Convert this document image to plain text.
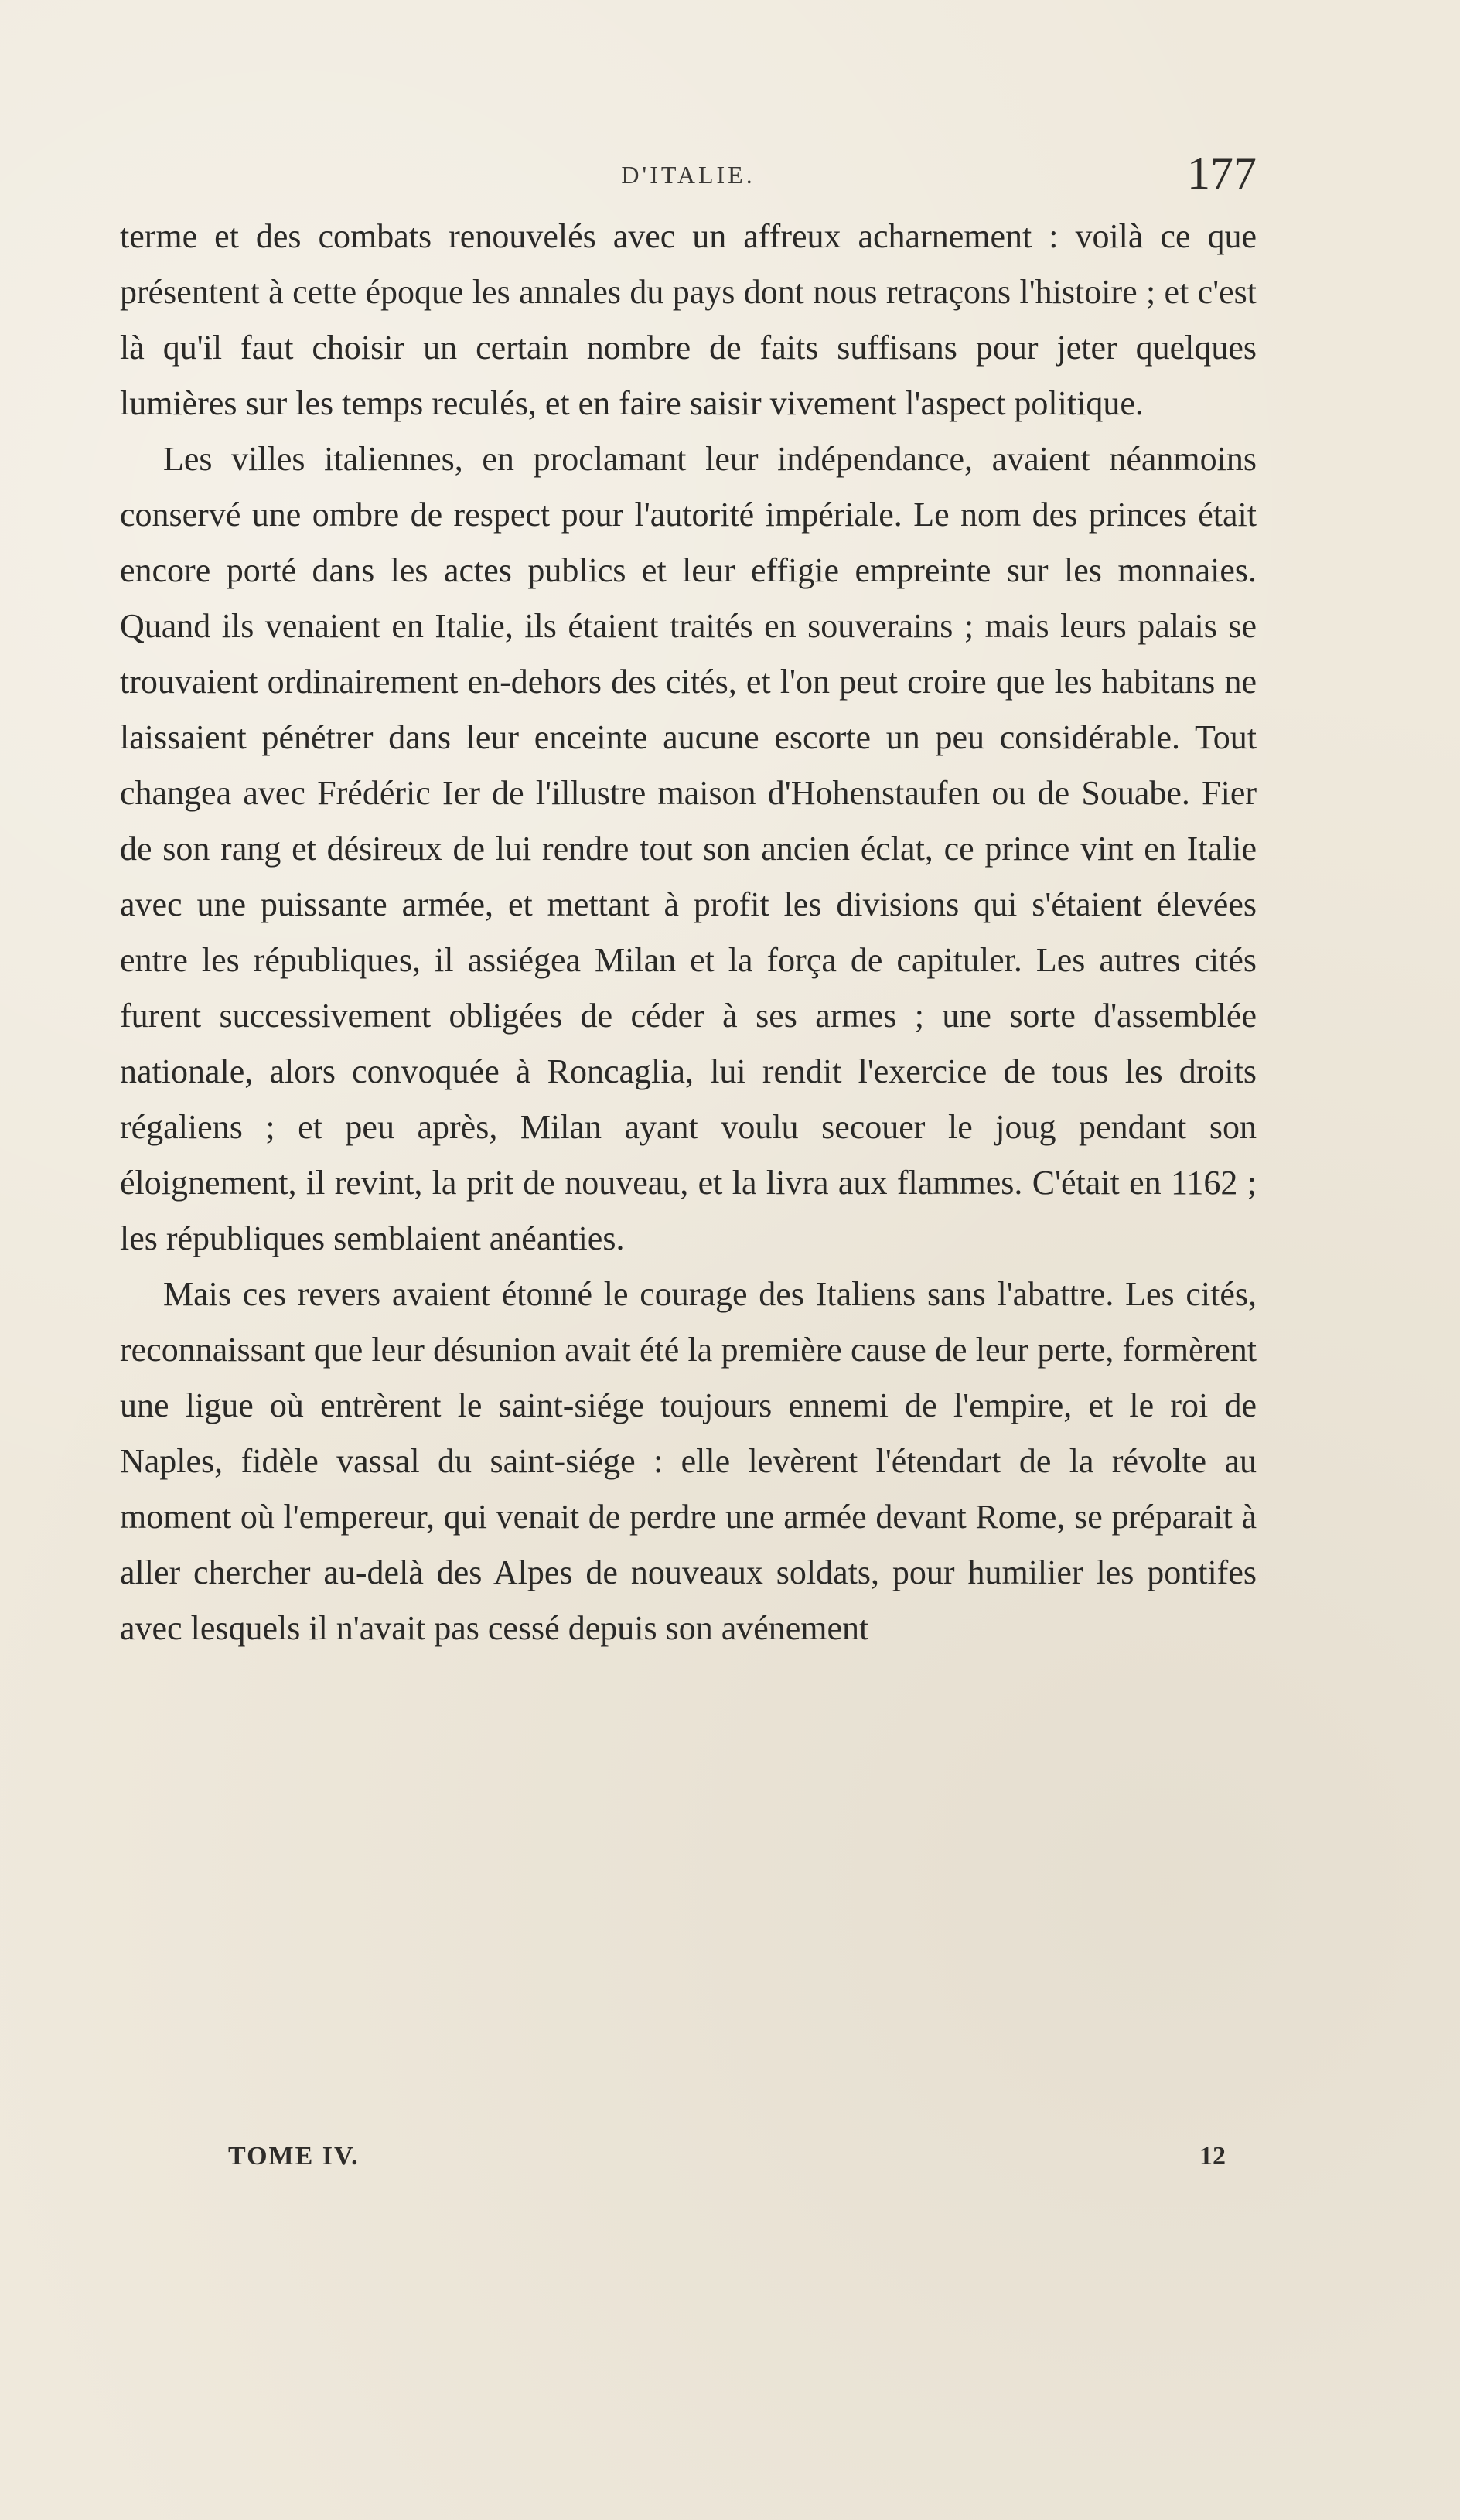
D'ITALIE.	177

terme et des combats renouvelés avec un affreux acharnement : voilà ce que présentent à cette époque les annales du pays dont nous retraçons l'histoire ; et c'est là qu'il faut choisir un certain nombre de faits suffisans pour jeter quelques lumières sur les temps reculés, et en faire saisir vivement l'aspect politique.

Les villes italiennes, en proclamant leur indépendance, avaient néanmoins conservé une ombre de respect pour l'autorité impériale. Le nom des princes était encore porté dans les actes publics et leur effigie empreinte sur les monnaies. Quand ils venaient en Italie, ils étaient traités en souverains ; mais leurs palais se trouvaient ordinairement en-dehors des cités, et l'on peut croire que les habitans ne laissaient pénétrer dans leur enceinte aucune escorte un peu considérable. Tout changea avec Frédéric Ier de l'illustre maison d'Hohenstaufen ou de Souabe. Fier de son rang et désireux de lui rendre tout son ancien éclat, ce prince vint en Italie avec une puissante armée, et mettant à profit les divisions qui s'étaient élevées entre les républiques, il assiégea Milan et la força de capituler. Les autres cités furent successivement obligées de céder à ses armes ; une sorte d'assemblée nationale, alors convoquée à Roncaglia, lui rendit l'exercice de tous les droits régaliens ; et peu après, Milan ayant voulu secouer le joug pendant son éloignement, il revint, la prit de nouveau, et la livra aux flammes. C'était en 1162 ; les républiques semblaient anéanties.

Mais ces revers avaient étonné le courage des Italiens sans l'abattre. Les cités, reconnaissant que leur désunion avait été la première cause de leur perte, formèrent une ligue où entrèrent le saint-siége toujours ennemi de l'empire, et le roi de Naples, fidèle vassal du saint-siége : elle levèrent l'étendart de la révolte au moment où l'empereur, qui venait de perdre une armée devant Rome, se préparait à aller chercher au-delà des Alpes de nouveaux soldats, pour humilier les pontifes avec lesquels il n'avait pas cessé depuis son avénement

TOME IV.	12
